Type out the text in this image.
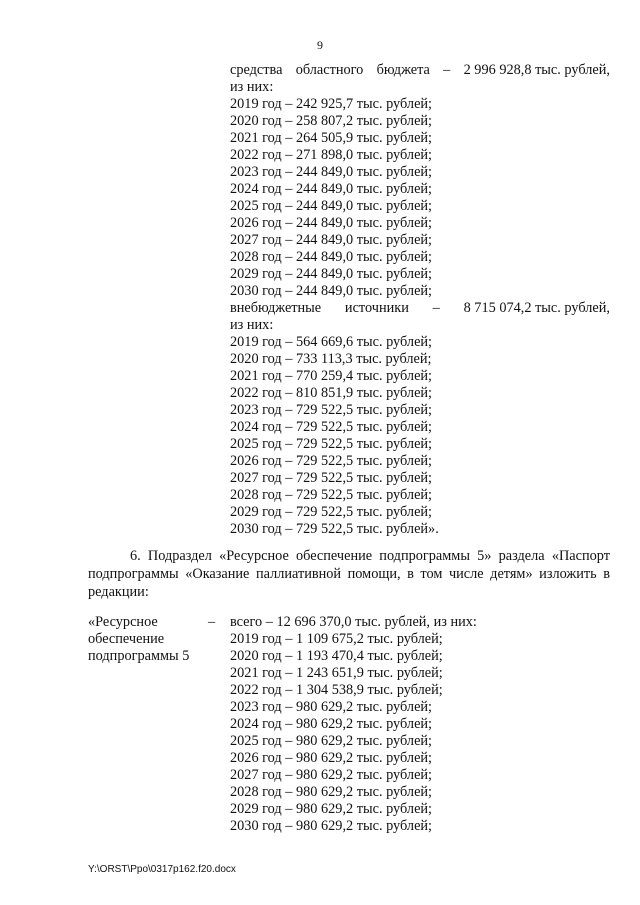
9
средства областного бюджета – 2 996 928,8 тыс. рублей,
из них:
2019 год – 242 925,7 тыс. рублей;
2020 год – 258 807,2 тыс. рублей;
2021 год – 264 505,9 тыс. рублей;
2022 год – 271 898,0 тыс. рублей;
2023 год – 244 849,0 тыс. рублей;
2024 год – 244 849,0 тыс. рублей;
2025 год – 244 849,0 тыс. рублей;
2026 год – 244 849,0 тыс. рублей;
2027 год – 244 849,0 тыс. рублей;
2028 год – 244 849,0 тыс. рублей;
2029 год – 244 849,0 тыс. рублей;
2030 год – 244 849,0 тыс. рублей;
внебюджетные источники – 8 715 074,2 тыс. рублей,
из них:
2019 год – 564 669,6 тыс. рублей;
2020 год – 733 113,3 тыс. рублей;
2021 год – 770 259,4 тыс. рублей;
2022 год – 810 851,9 тыс. рублей;
2023 год – 729 522,5 тыс. рублей;
2024 год – 729 522,5 тыс. рублей;
2025 год – 729 522,5 тыс. рублей;
2026 год – 729 522,5 тыс. рублей;
2027 год – 729 522,5 тыс. рублей;
2028 год – 729 522,5 тыс. рублей;
2029 год – 729 522,5 тыс. рублей;
2030 год – 729 522,5 тыс. рублей».
6. Подраздел «Ресурсное обеспечение подпрограммы 5» раздела «Паспорт подпрограммы «Оказание паллиативной помощи, в том числе детям» изложить в редакции:
«Ресурсное
обеспечение
подпрограммы 5
– всего – 12 696 370,0 тыс. рублей, из них:
2019 год – 1 109 675,2 тыс. рублей;
2020 год – 1 193 470,4 тыс. рублей;
2021 год – 1 243 651,9 тыс. рублей;
2022 год – 1 304 538,9 тыс. рублей;
2023 год – 980 629,2 тыс. рублей;
2024 год – 980 629,2 тыс. рублей;
2025 год – 980 629,2 тыс. рублей;
2026 год – 980 629,2 тыс. рублей;
2027 год – 980 629,2 тыс. рублей;
2028 год – 980 629,2 тыс. рублей;
2029 год – 980 629,2 тыс. рублей;
2030 год – 980 629,2 тыс. рублей;
Y:\ORST\Ppo\0317p162.f20.docx
